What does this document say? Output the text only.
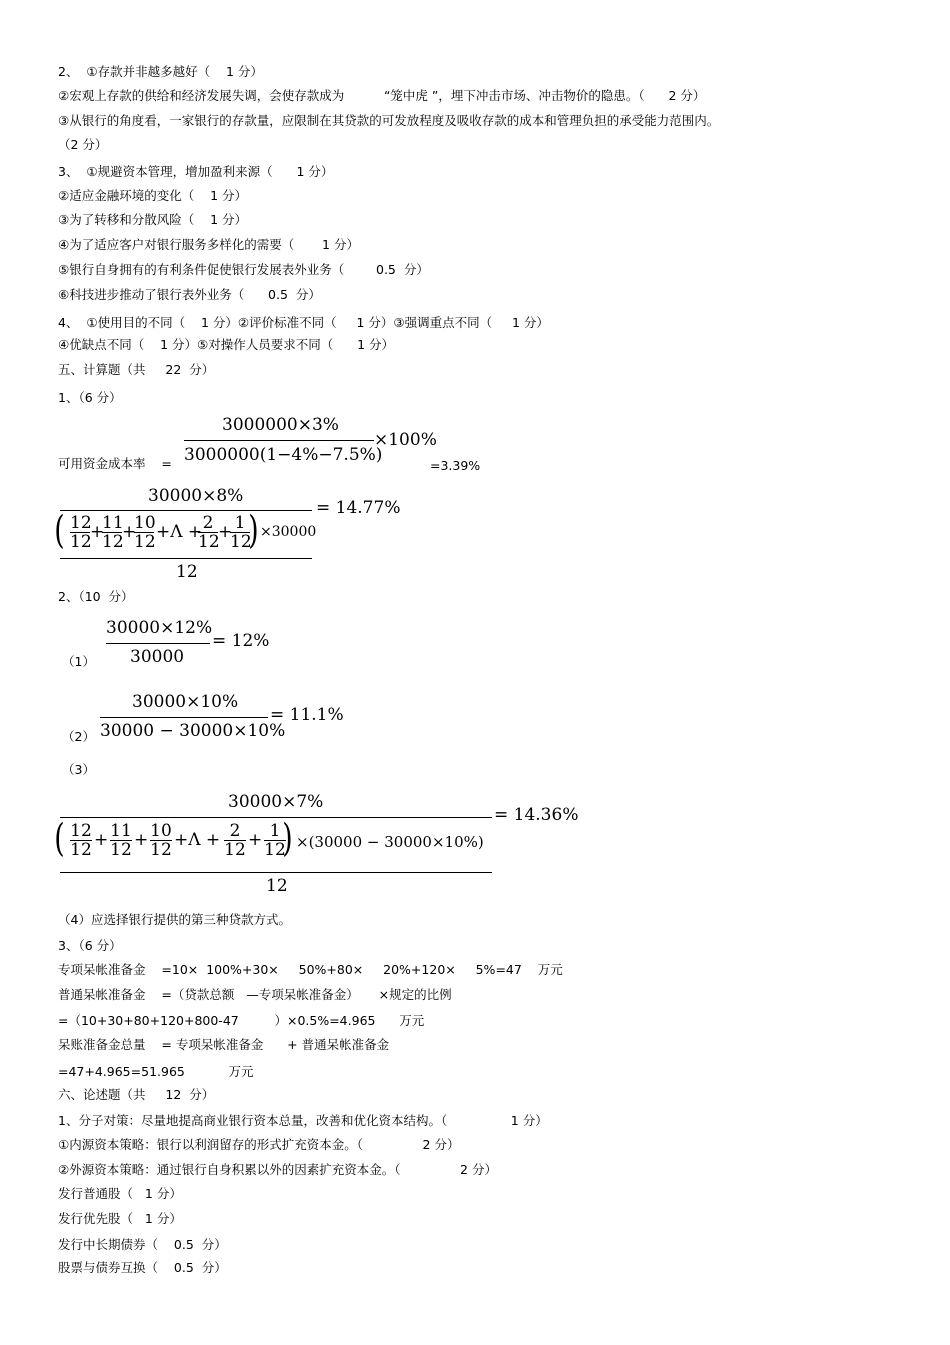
2、  ①存款并非越多越好（    1 分）
②宏观上存款的供给和经济发展失调，会使存款成为          “笼中虎 ”，埋下冲击市场、冲击物价的隐患。（      2 分）
③从银行的角度看，一家银行的存款量，应限制在其贷款的可发放程度及吸收存款的成本和管理负担的承受能力范围内。
（2 分）
3、  ①规避资本管理，增加盈利来源（      1 分）
②适应金融环境的变化（    1 分）
③为了转移和分散风险（    1 分）
④为了适应客户对银行服务多样化的需要（       1 分）
⑤银行自身拥有的有利条件促使银行发展表外业务（        0.5  分）
⑥科技进步推动了银行表外业务（      0.5  分）
4、  ①使用目的不同（    1 分）②评价标准不同（     1 分）③强调重点不同（     1 分）
④优缺点不同（    1 分）⑤对操作人员要求不同（      1 分）
五、计算题（共     22  分）
1、（6 分）
可用资金成本率    =
3000000×3%
3000000(1−4%−7.5%)
×100%
=3.39%
30000×8%
= 14.77%
( $\frac{12}{12}$ +
$\frac{11}{12}$ +
$\frac{10}{12} +\Lambda$ +
$\frac{2}{12}$ +
$\frac{1}{12}$
) ×30000
12
2、（10  分）
（1）
30000×12%
30000
= 12%
（2）
30000×10%
30000 − 30000×10%
= 11.1%
（3）
30000×7%
= 14.36%
( $\frac{12}{12} + \frac{11}{12} + \frac{10}{12} +\Lambda + \frac{2}{12} + \frac{1}{12}$
) ×(30000 − 30000×10%)
12
（4）应选择银行提供的第三种贷款方式。
3、（6 分）
专项呆帐准备金    =10×  100%+30×     50%+80×     20%+120×     5%=47    万元
普通呆帐准备金    =（贷款总额   —专项呆帐准备金）     ×规定的比例
=（10+30+80+120+800-47         ）×0.5%=4.965      万元
呆账准备金总量    = 专项呆帐准备金      + 普通呆帐准备金
=47+4.965=51.965           万元
六、论述题（共     12  分）
1、分子对策：尽量地提高商业银行资本总量，改善和优化资本结构。（                1 分）
①内源资本策略：银行以利润留存的形式扩充资本金。（               2 分）
②外源资本策略：通过银行自身积累以外的因素扩充资本金。（               2 分）
发行普通股（   1 分）
发行优先股（   1 分）
发行中长期债券（    0.5  分）
股票与债券互换（    0.5  分）
